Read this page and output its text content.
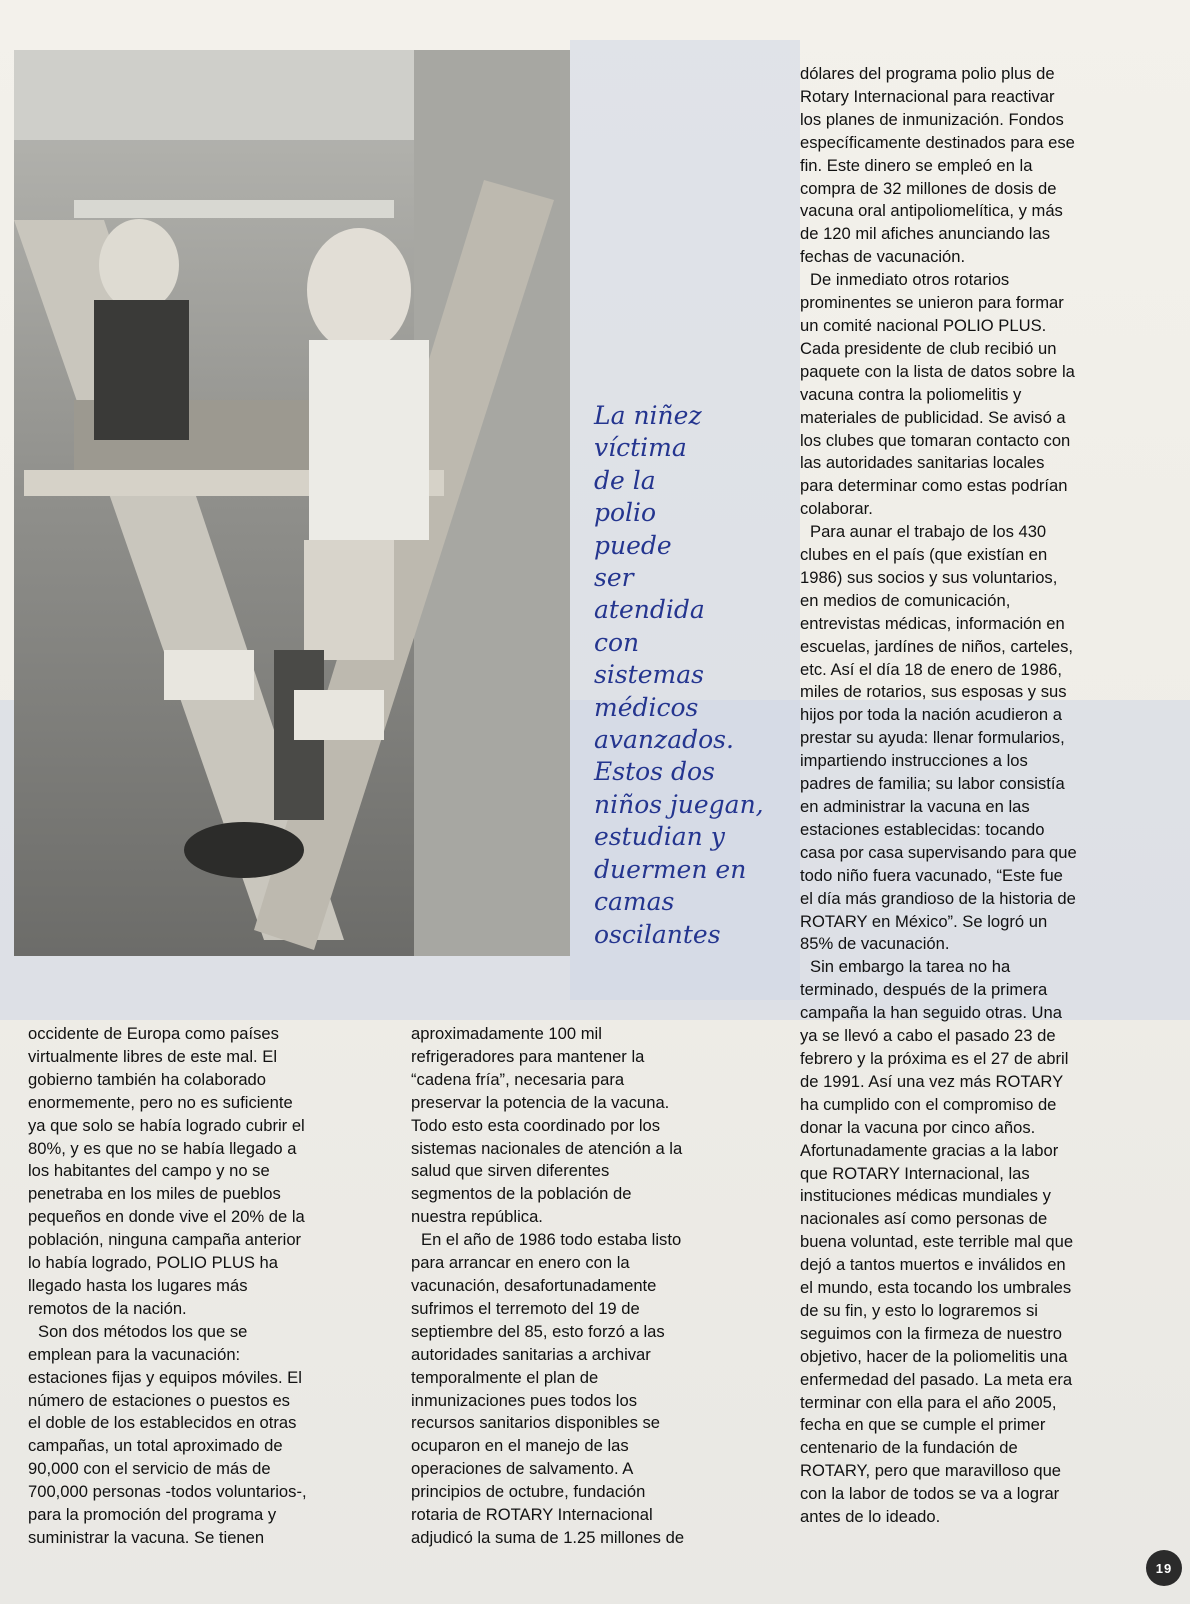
La niñez
víctima
de la
polio
puede
ser
atendida
con
sistemas
médicos
avanzados.
Estos dos
niños juegan,
estudian y
duermen en
camas
oscilantes

dólares del programa polio plus de

Rotary Internacional para reactivar

los planes de inmunización. Fondos

específicamente destinados para ese

fin. Este dinero se empleó en la

compra de 32 millones de dosis de

vacuna oral antipoliomelítica, y más

de 120 mil afiches anunciando las

fechas de vacunación.

De inmediato otros rotarios

prominentes se unieron para formar

un comité nacional POLIO PLUS.

Cada presidente de club recibió un

paquete con la lista de datos sobre la

vacuna contra la poliomelitis y

materiales de publicidad. Se avisó a

los clubes que tomaran contacto con

las autoridades sanitarias locales

para determinar como estas podrían

colaborar.

Para aunar el trabajo de los 430

clubes en el país (que existían en

1986) sus socios y sus voluntarios,

en medios de comunicación,

entrevistas médicas, información en

escuelas, jardínes de niños, carteles,

etc. Así el día 18 de enero de 1986,

miles de rotarios, sus esposas y sus

hijos por toda la nación acudieron a

prestar su ayuda: llenar formularios,

impartiendo instrucciones a los

padres de familia; su labor consistía

en administrar la vacuna en las

estaciones establecidas: tocando

casa por casa supervisando para que

todo niño fuera vacunado, “Este fue

el día más grandioso de la historia de

ROTARY en México”. Se logró un

85% de vacunación.

Sin embargo la tarea no ha

terminado, después de la primera

campaña la han seguido otras. Una

ya se llevó a cabo el pasado 23 de

febrero y la próxima es el 27 de abril

de 1991. Así una vez más ROTARY

ha cumplido con el compromiso de

donar la vacuna por cinco años.

Afortunadamente gracias a la labor

que ROTARY Internacional, las

instituciones médicas mundiales y

nacionales así como personas de

buena voluntad, este terrible mal que

dejó a tantos muertos e inválidos en

el mundo, esta tocando los umbrales

de su fin, y esto lo lograremos si

seguimos con la firmeza de nuestro

objetivo, hacer de la poliomelitis una

enfermedad del pasado. La meta era

terminar con ella para el año 2005,

fecha en que se cumple el primer

centenario de la fundación de

ROTARY, pero que maravilloso que

con la labor de todos se va a lograr

antes de lo ideado.

occidente de Europa como países

virtualmente libres de este mal. El

gobierno también ha colaborado

enormemente, pero no es suficiente

ya que solo se había logrado cubrir el

80%, y es que no se había llegado a

los habitantes del campo y no se

penetraba en los miles de pueblos

pequeños en donde vive el 20% de la

población, ninguna campaña anterior

lo había logrado, POLIO PLUS ha

llegado hasta los lugares más

remotos de la nación.

Son dos métodos los que se

emplean para la vacunación:

estaciones fijas y equipos móviles. El

número de estaciones o puestos es

el doble de los establecidos en otras

campañas, un total aproximado de

90,000 con el servicio de más de

700,000 personas -todos voluntarios-,

para la promoción del programa y

suministrar la vacuna. Se tienen

aproximadamente 100 mil

refrigeradores para mantener la

“cadena fría”, necesaria para

preservar la potencia de la vacuna.

Todo esto esta coordinado por los

sistemas nacionales de atención a la

salud que sirven diferentes

segmentos de la población de

nuestra república.

En el año de 1986 todo estaba listo

para arrancar en enero con la

vacunación, desafortunadamente

sufrimos el terremoto del 19 de

septiembre del 85, esto forzó a las

autoridades sanitarias a archivar

temporalmente el plan de

inmunizaciones pues todos los

recursos sanitarios disponibles se

ocuparon en el manejo de las

operaciones de salvamento. A

principios de octubre, fundación

rotaria de ROTARY Internacional

adjudicó la suma de 1.25 millones de

19
